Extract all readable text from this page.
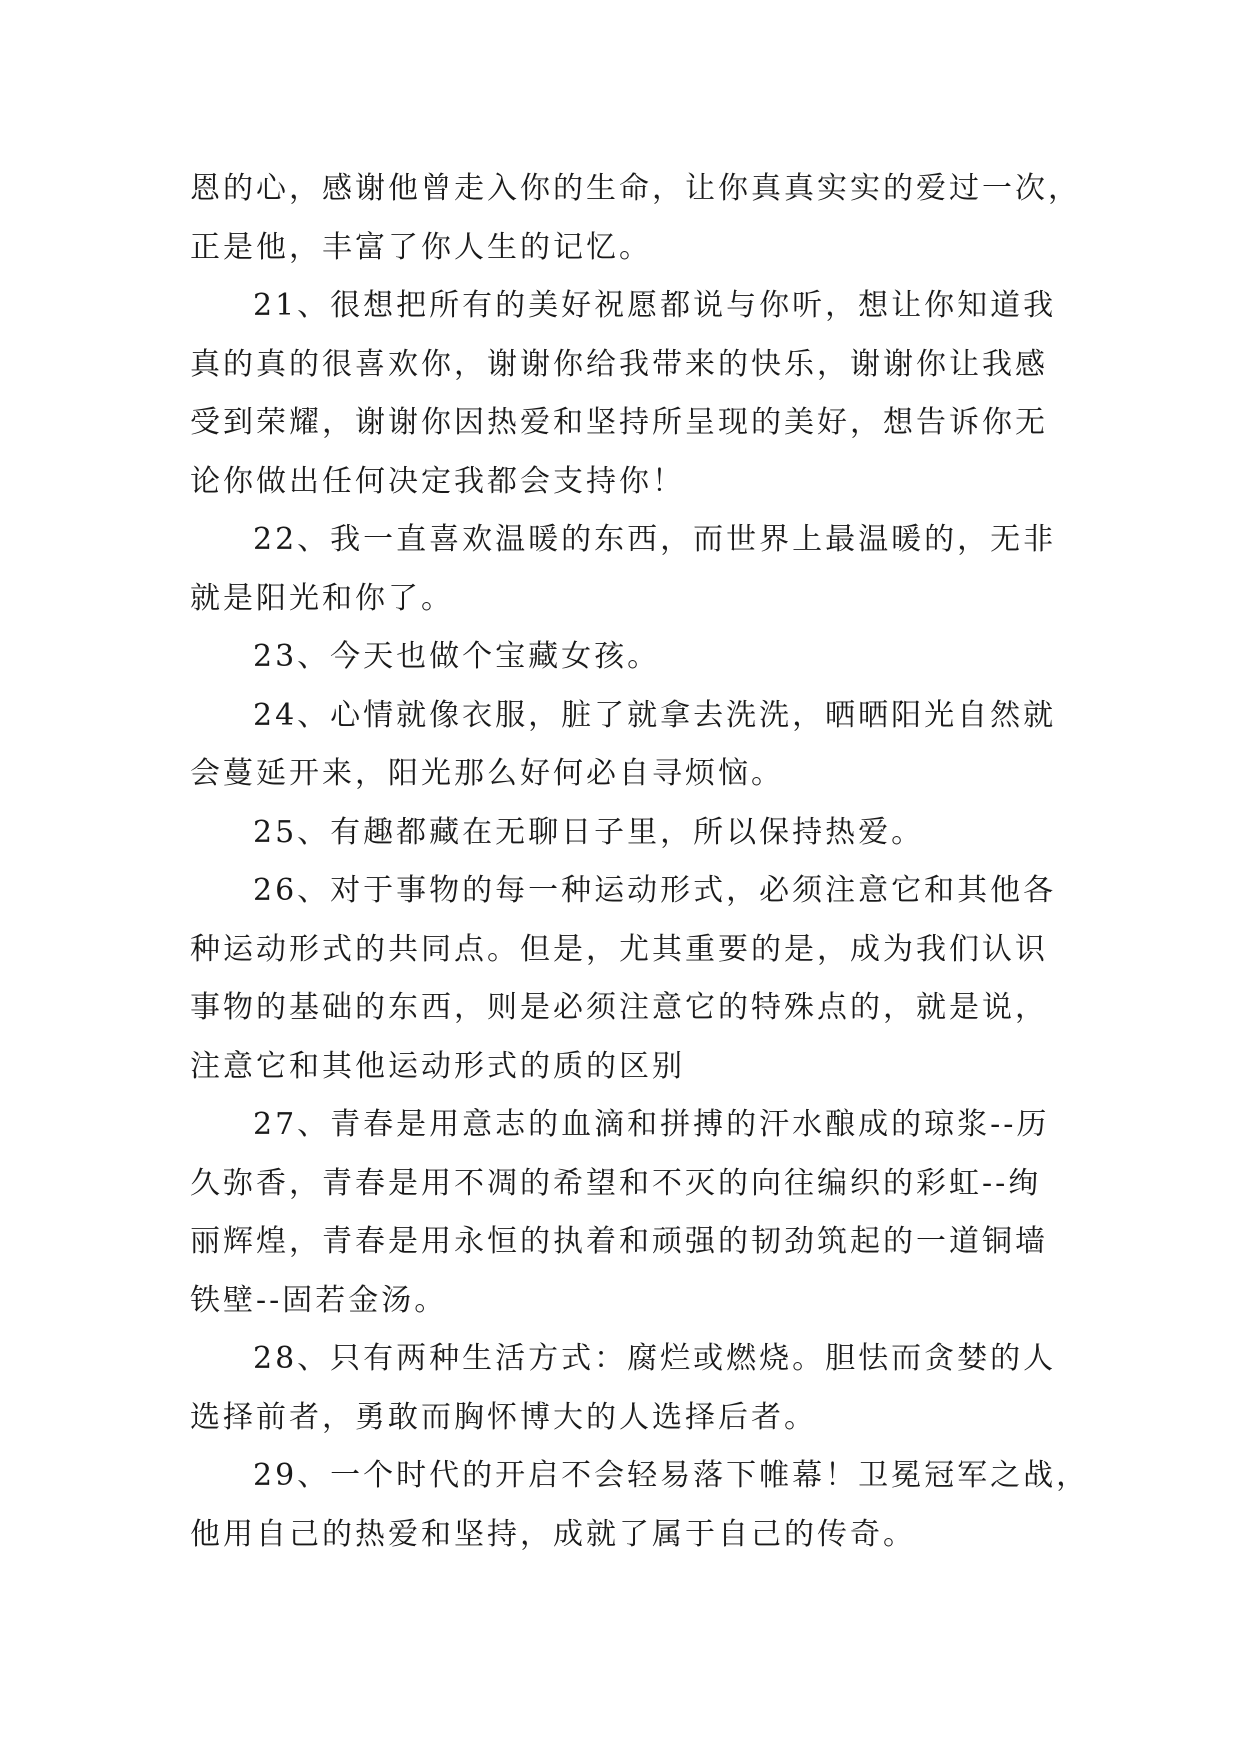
恩的心，感谢他曾走入你的生命，让你真真实实的爱过一次，
正是他，丰富了你人生的记忆。
21、很想把所有的美好祝愿都说与你听，想让你知道我
真的真的很喜欢你，谢谢你给我带来的快乐，谢谢你让我感
受到荣耀，谢谢你因热爱和坚持所呈现的美好，想告诉你无
论你做出任何决定我都会支持你！
22、我一直喜欢温暖的东西，而世界上最温暖的，无非
就是阳光和你了。
23、今天也做个宝藏女孩。
24、心情就像衣服，脏了就拿去洗洗，晒晒阳光自然就
会蔓延开来，阳光那么好何必自寻烦恼。
25、有趣都藏在无聊日子里，所以保持热爱。
26、对于事物的每一种运动形式，必须注意它和其他各
种运动形式的共同点。但是，尤其重要的是，成为我们认识
事物的基础的东西，则是必须注意它的特殊点的，就是说，
注意它和其他运动形式的质的区别
27、青春是用意志的血滴和拼搏的汗水酿成的琼浆--历
久弥香，青春是用不凋的希望和不灭的向往编织的彩虹--绚
丽辉煌，青春是用永恒的执着和顽强的韧劲筑起的一道铜墙
铁壁--固若金汤。
28、只有两种生活方式：腐烂或燃烧。胆怯而贪婪的人
选择前者，勇敢而胸怀博大的人选择后者。
29、一个时代的开启不会轻易落下帷幕！卫冕冠军之战，
他用自己的热爱和坚持，成就了属于自己的传奇。
